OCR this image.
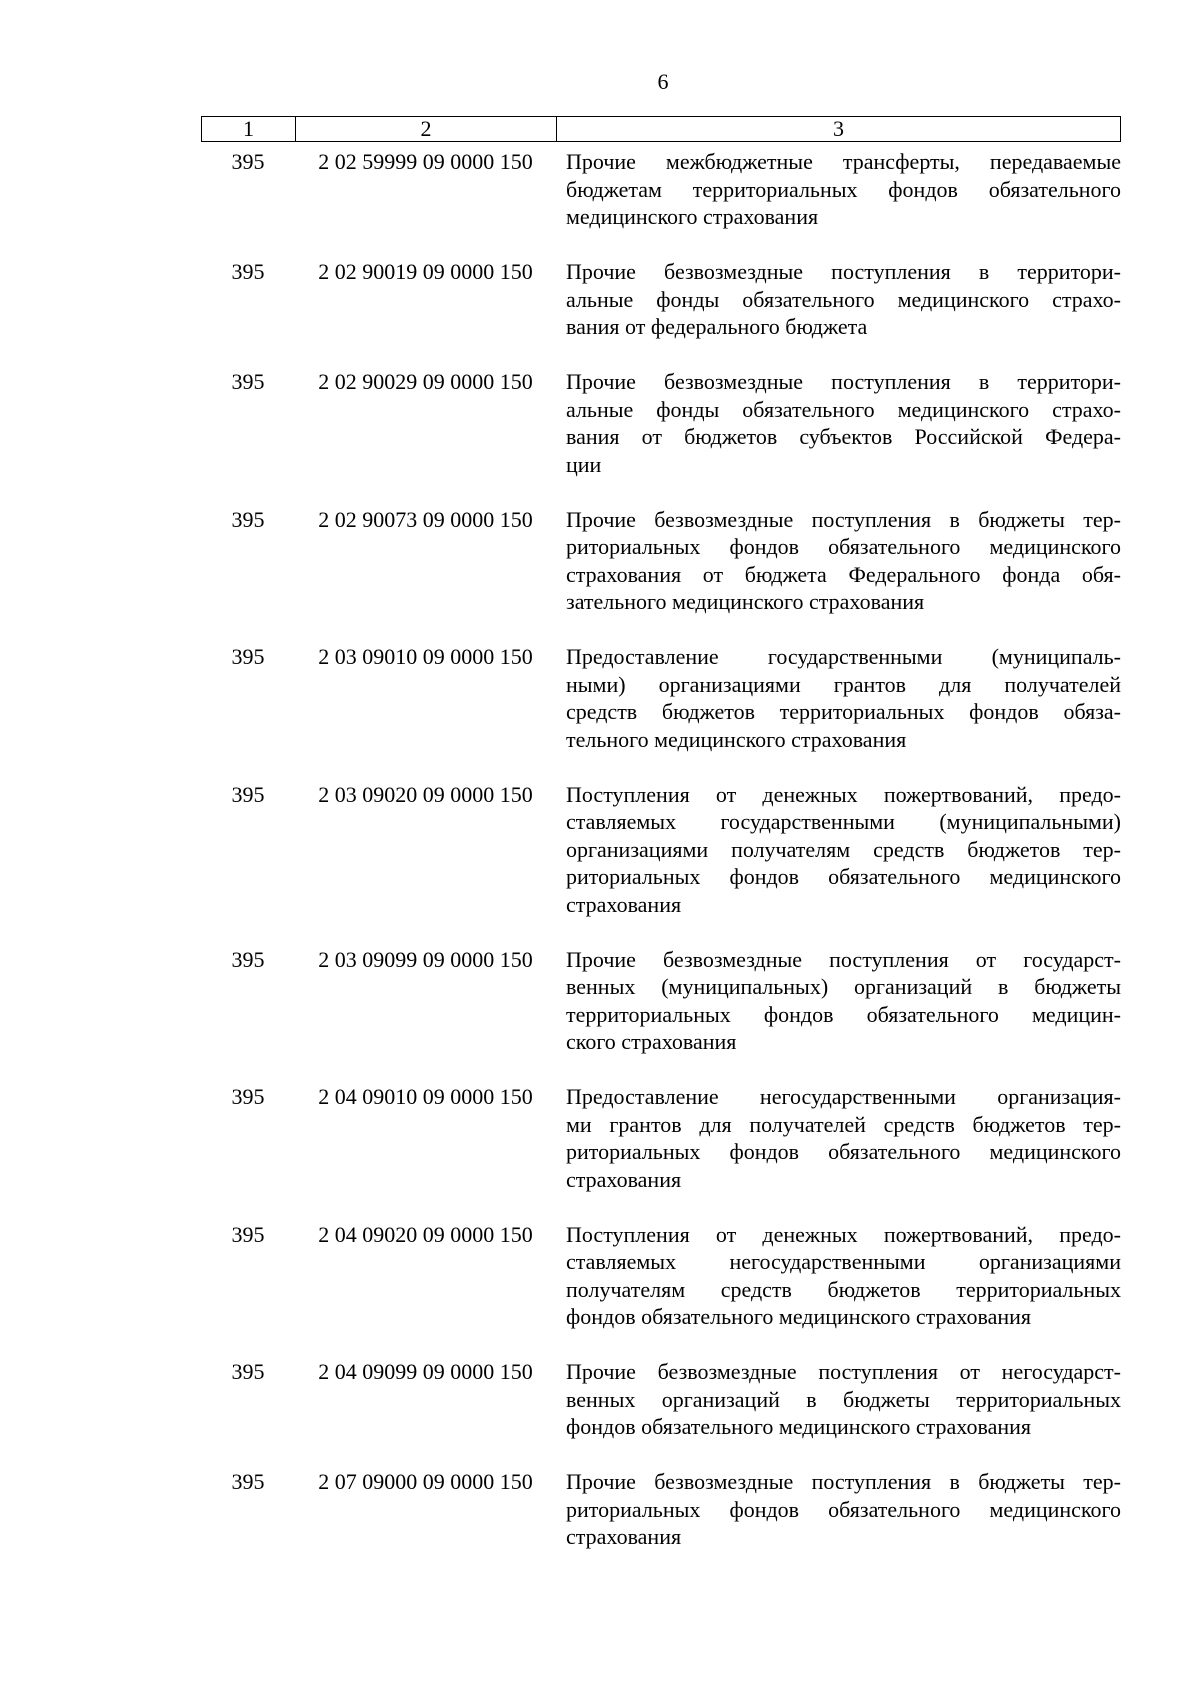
6
1	2	3
395	2 02 59999 09 0000 150	Прочие межбюджетные трансферты, передаваемые
бюджетам территориальных фондов обязательного
медицинского страхования
395	2 02 90019 09 0000 150	Прочие безвозмездные поступления в территори-
альные фонды обязательного медицинского страхо-
вания от федерального бюджета
395	2 02 90029 09 0000 150	Прочие безвозмездные поступления в территори-
альные фонды обязательного медицинского страхо-
вания от бюджетов субъектов Российской Федера-
ции
395	2 02 90073 09 0000 150	Прочие безвозмездные поступления в бюджеты тер-
риториальных фондов обязательного медицинского
страхования от бюджета Федерального фонда обя-
зательного медицинского страхования
395	2 03 09010 09 0000 150	Предоставление государственными (муниципаль-
ными) организациями грантов для получателей
средств бюджетов территориальных фондов обяза-
тельного медицинского страхования
395	2 03 09020 09 0000 150	Поступления от денежных пожертвований, предо-
ставляемых государственными (муниципальными)
организациями получателям средств бюджетов тер-
риториальных фондов обязательного медицинского
страхования
395	2 03 09099 09 0000 150	Прочие безвозмездные поступления от государст-
венных (муниципальных) организаций в бюджеты
территориальных фондов обязательного медицин-
ского страхования
395	2 04 09010 09 0000 150	Предоставление негосударственными организация-
ми грантов для получателей средств бюджетов тер-
риториальных фондов обязательного медицинского
страхования
395	2 04 09020 09 0000 150	Поступления от денежных пожертвований, предо-
ставляемых негосударственными организациями
получателям средств бюджетов территориальных
фондов обязательного медицинского страхования
395	2 04 09099 09 0000 150	Прочие безвозмездные поступления от негосударст-
венных организаций в бюджеты территориальных
фондов обязательного медицинского страхования
395	2 07 09000 09 0000 150	Прочие безвозмездные поступления в бюджеты тер-
риториальных фондов обязательного медицинского
страхования
